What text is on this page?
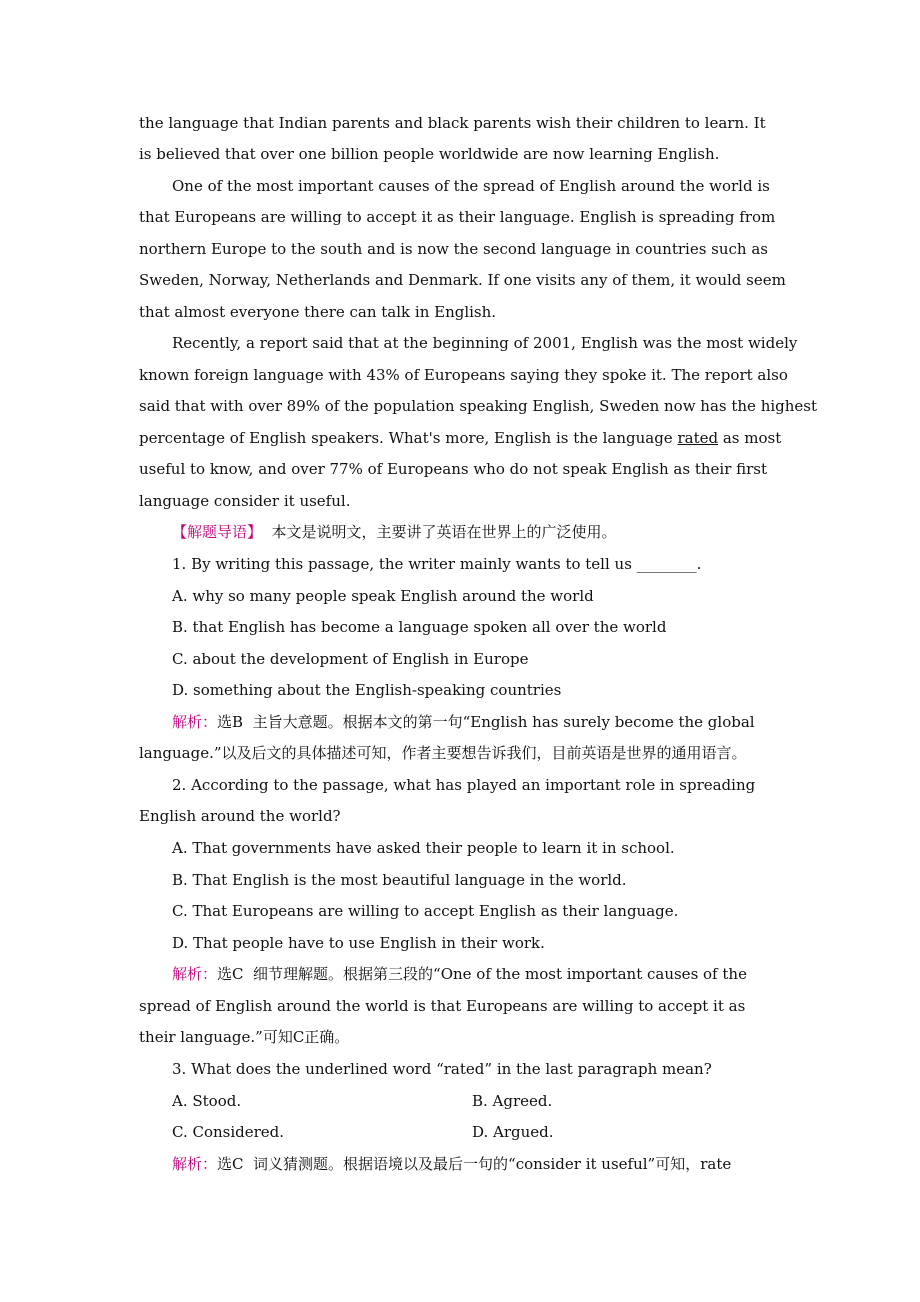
the language that Indian parents and black parents wish their children to learn. It
is believed that over one billion people worldwide are now learning English.
One of the most important causes of the spread of English around the world is
that Europeans are willing to accept it as their language. English is spreading from
northern Europe to the south and is now the second language in countries such as
Sweden, Norway, Netherlands and Denmark. If one visits any of them, it would seem
that almost everyone there can talk in English.
Recently, a report said that at the beginning of 2001, English was the most widely
known foreign language with 43% of Europeans saying they spoke it. The report also
said that with over 89% of the population speaking English, Sweden now has the highest
percentage of English speakers. What's more, English is the language rated as most
useful to know, and over 77% of Europeans who do not speak English as their first
language consider it useful.
【解题导语】  本文是说明文，主要讲了英语在世界上的广泛使用。
1. By writing this passage, the writer mainly wants to tell us ________.
A. why so many people speak English around the world
B. that English has become a language spoken all over the world
C. about the development of English in Europe
D. something about the English-speaking countries
解析：选B  主旨大意题。根据本文的第一句“English has surely become the global
language.”以及后文的具体描述可知，作者主要想告诉我们，目前英语是世界的通用语言。
2. According to the passage, what has played an important role in spreading
English around the world?
A. That governments have asked their people to learn it in school.
B. That English is the most beautiful language in the world.
C. That Europeans are willing to accept English as their language.
D. That people have to use English in their work.
解析：选C  细节理解题。根据第三段的“One of the most important causes of the
spread of English around the world is that Europeans are willing to accept it as
their language.”可知C正确。
3. What does the underlined word “rated” in the last paragraph mean?
A. Stood.	B. Agreed.
C. Considered.	D. Argued.
解析：选C  词义猜测题。根据语境以及最后一句的“consider it useful”可知，rate
